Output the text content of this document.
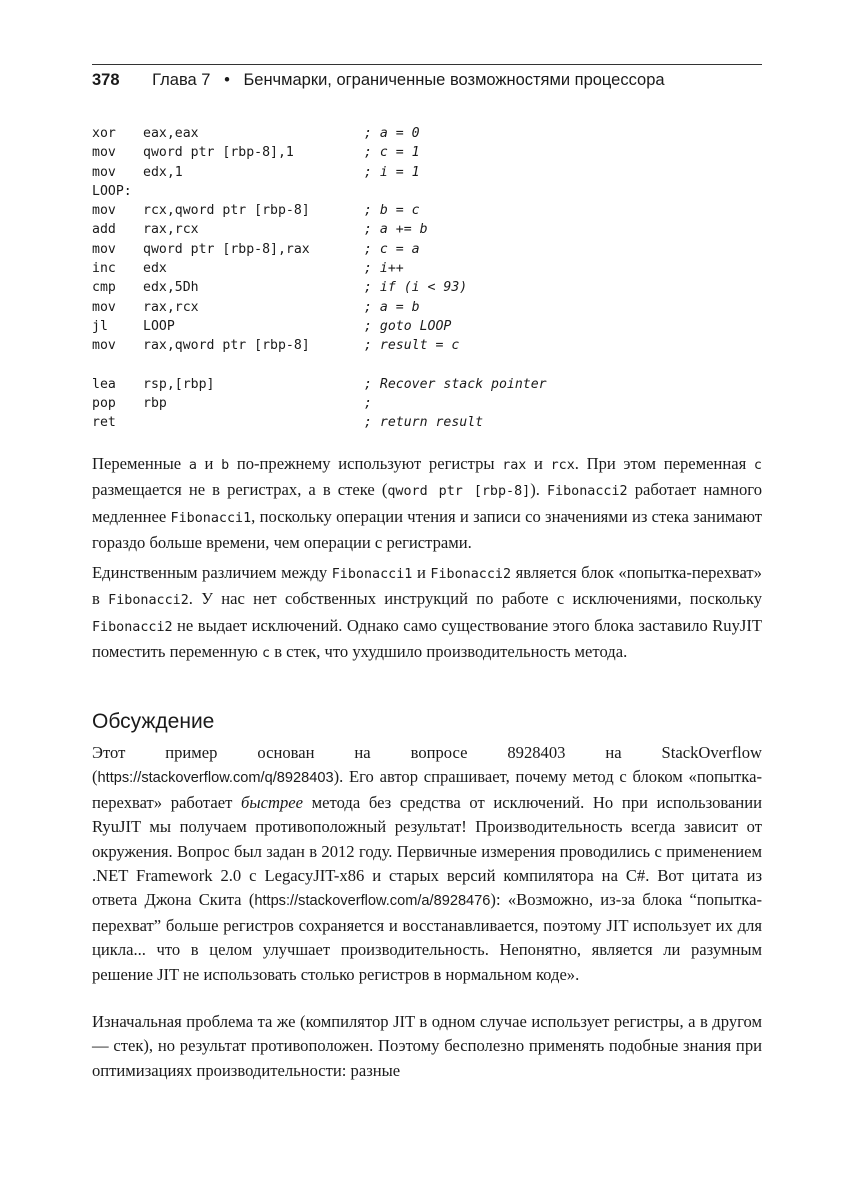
378 Глава 7 • Бенчмарки, ограниченные возможностями процессора
xor eax,eax	; a = 0
mov qword ptr [rbp-8],1	; c = 1
mov edx,1	; i = 1
LOOP:
mov rcx,qword ptr [rbp-8]	; b = c
add rax,rcx	; a += b
mov qword ptr [rbp-8],rax	; c = a
inc edx	; i++
cmp edx,5Dh	; if (i < 93)
mov rax,rcx	; a = b
jl	LOOP	; goto LOOP
mov rax,qword ptr [rbp-8]	; result = c
lea rsp,[rbp]	; Recover stack pointer
pop rbp	;
ret	; return result

Переменные a и b по-прежнему используют регистры rax и rcx. При этом переменная c размещается не в регистрах, а в стеке (qword ptr [rbp-8]). Fibonacci2 работает намного медленнее Fibonacci1, поскольку операции чтения и записи со значениями из стека занимают гораздо больше времени, чем операции с регистрами.

Единственным различием между Fibonacci1 и Fibonacci2 является блок «попытка-перехват» в Fibonacci2. У нас нет собственных инструкций по работе с исключениями, поскольку Fibonacci2 не выдает исключений. Однако само существование этого блока заставило RuyJIT поместить переменную c в стек, что ухудшило производительность метода.

Обсуждение

Этот пример основан на вопросе 8928403 на StackOverflow (https://stackoverflow.com/q/8928403). Его автор спрашивает, почему метод с блоком «попытка-перехват» работает быстрее метода без средства от исключений. Но при использовании RyuJIT мы получаем противоположный результат! Производительность всегда зависит от окружения. Вопрос был задан в 2012 году. Первичные измерения проводились с применением .NET Framework 2.0 с LegacyJIT-x86 и старых версий компилятора на C#. Вот цитата из ответа Джона Скита (https://stackoverflow.com/a/8928476): «Возможно, из-за блока “попытка-перехват” больше регистров сохраняется и восстанавливается, поэтому JIT использует их для цикла... что в целом улучшает производительность. Непонятно, является ли разумным решение JIT не использовать столько регистров в нормальном коде».

Изначальная проблема та же (компилятор JIT в одном случае использует регистры, а в другом — стек), но результат противоположен. Поэтому бесполезно применять подобные знания при оптимизациях производительности: разные
